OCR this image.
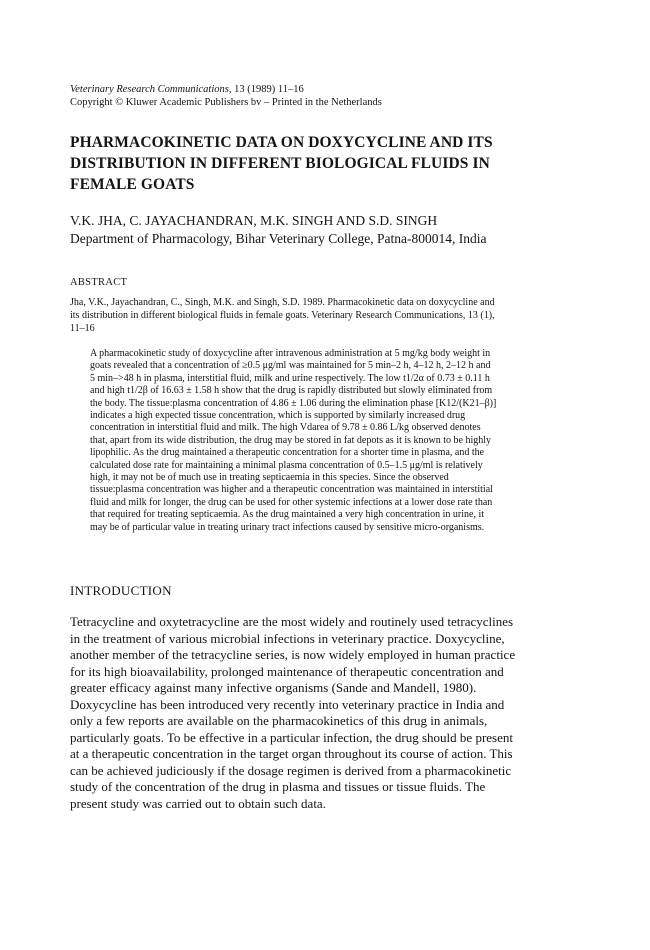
Veterinary Research Communications, 13 (1989) 11–16
Copyright © Kluwer Academic Publishers bv – Printed in the Netherlands
PHARMACOKINETIC DATA ON DOXYCYCLINE AND ITS
DISTRIBUTION IN DIFFERENT BIOLOGICAL FLUIDS IN
FEMALE GOATS
V.K. JHA, C. JAYACHANDRAN, M.K. SINGH AND S.D. SINGH
Department of Pharmacology, Bihar Veterinary College, Patna-800014, India
ABSTRACT
Jha, V.K., Jayachandran, C., Singh, M.K. and Singh, S.D. 1989. Pharmacokinetic data on doxycycline and
its distribution in different biological fluids in female goats. Veterinary Research Communications, 13 (1),
11–16
A pharmacokinetic study of doxycycline after intravenous administration at 5 mg/kg body weight in
goats revealed that a concentration of ≥0.5 μg/ml was maintained for 5 min–2 h, 4–12 h, 2–12 h and
5 min–>48 h in plasma, interstitial fluid, milk and urine respectively. The low t1/2α of 0.73 ± 0.11 h
and high t1/2β of 16.63 ± 1.58 h show that the drug is rapidly distributed but slowly eliminated from
the body. The tissue:plasma concentration of 4.86 ± 1.06 during the elimination phase [K12/(K21–β)]
indicates a high expected tissue concentration, which is supported by similarly increased drug
concentration in interstitial fluid and milk. The high Vdarea of 9.78 ± 0.86 L/kg observed denotes
that, apart from its wide distribution, the drug may be stored in fat depots as it is known to be highly
lipophilic. As the drug maintained a therapeutic concentration for a shorter time in plasma, and the
calculated dose rate for maintaining a minimal plasma concentration of 0.5–1.5 μg/ml is relatively
high, it may not be of much use in treating septicaemia in this species. Since the observed
tissue:plasma concentration was higher and a therapeutic concentration was maintained in interstitial
fluid and milk for longer, the drug can be used for other systemic infections at a lower dose rate than
that required for treating septicaemia. As the drug maintained a very high concentration in urine, it
may be of particular value in treating urinary tract infections caused by sensitive micro-organisms.
INTRODUCTION
Tetracycline and oxytetracycline are the most widely and routinely used tetracyclines
in the treatment of various microbial infections in veterinary practice. Doxycycline,
another member of the tetracycline series, is now widely employed in human practice
for its high bioavailability, prolonged maintenance of therapeutic concentration and
greater efficacy against many infective organisms (Sande and Mandell, 1980).
Doxycycline has been introduced very recently into veterinary practice in India and
only a few reports are available on the pharmacokinetics of this drug in animals,
particularly goats. To be effective in a particular infection, the drug should be present
at a therapeutic concentration in the target organ throughout its course of action. This
can be achieved judiciously if the dosage regimen is derived from a pharmacokinetic
study of the concentration of the drug in plasma and tissues or tissue fluids. The
present study was carried out to obtain such data.
